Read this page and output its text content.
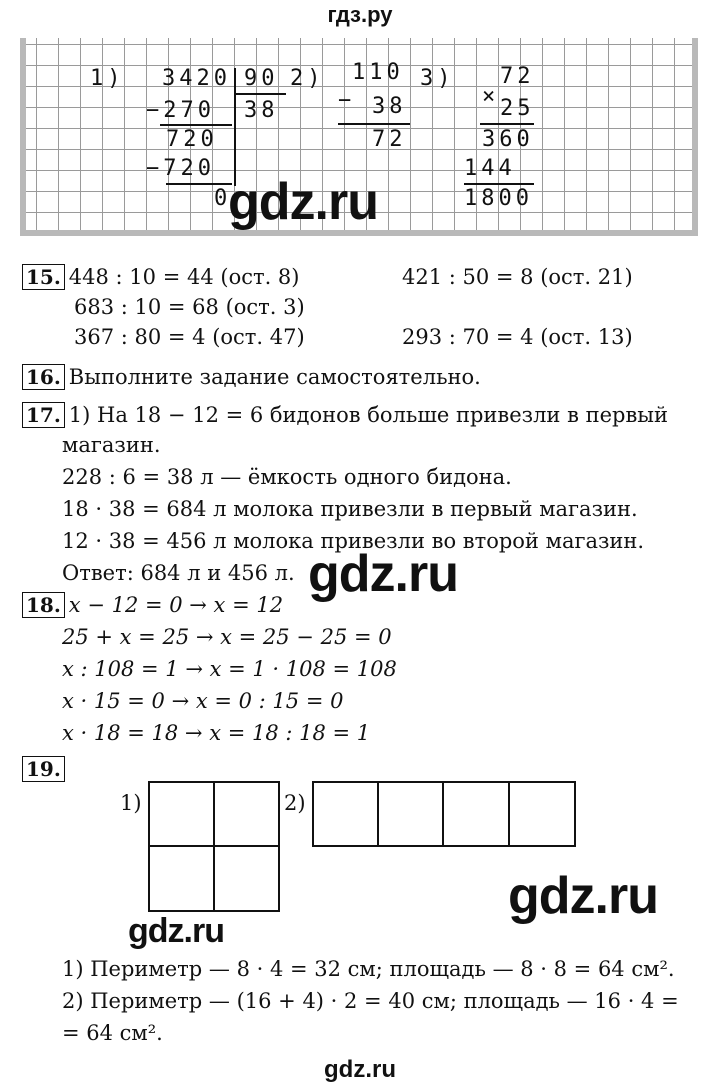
гдз.ру
1) 3420 90
38
−270
720
−720
0
2) 110
− 38
72
3) 72
× 25
360
144
1800
gdz.ru
15. 448 : 10 = 44 (ост. 8)	421 : 50 = 8 (ост. 21)
683 : 10 = 68 (ост. 3)
367 : 80 = 4 (ост. 47)	293 : 70 = 4 (ост. 13)
16. Выполните задание самостоятельно.
17. 1) На 18 − 12 = 6 бидонов больше привезли в первый
магазин.
228 : 6 = 38 л — ёмкость одного бидона.
18 · 38 = 684 л молока привезли в первый магазин.
12 · 38 = 456 л молока привезли во второй магазин.
Ответ: 684 л и 456 л. gdz.ru
18. x − 12 = 0 → x = 12
25 + x = 25 → x = 25 − 25 = 0
x : 108 = 1 → x = 1 · 108 = 108
x · 15 = 0 → x = 0 : 15 = 0
x · 18 = 18 → x = 18 : 18 = 1
19.
1)	2)
gdz.ru
gdz.ru
1) Периметр — 8 · 4 = 32 см; площадь — 8 · 8 = 64 см².
2) Периметр — (16 + 4) · 2 = 40 см; площадь — 16 · 4 =
= 64 см².
gdz.ru
